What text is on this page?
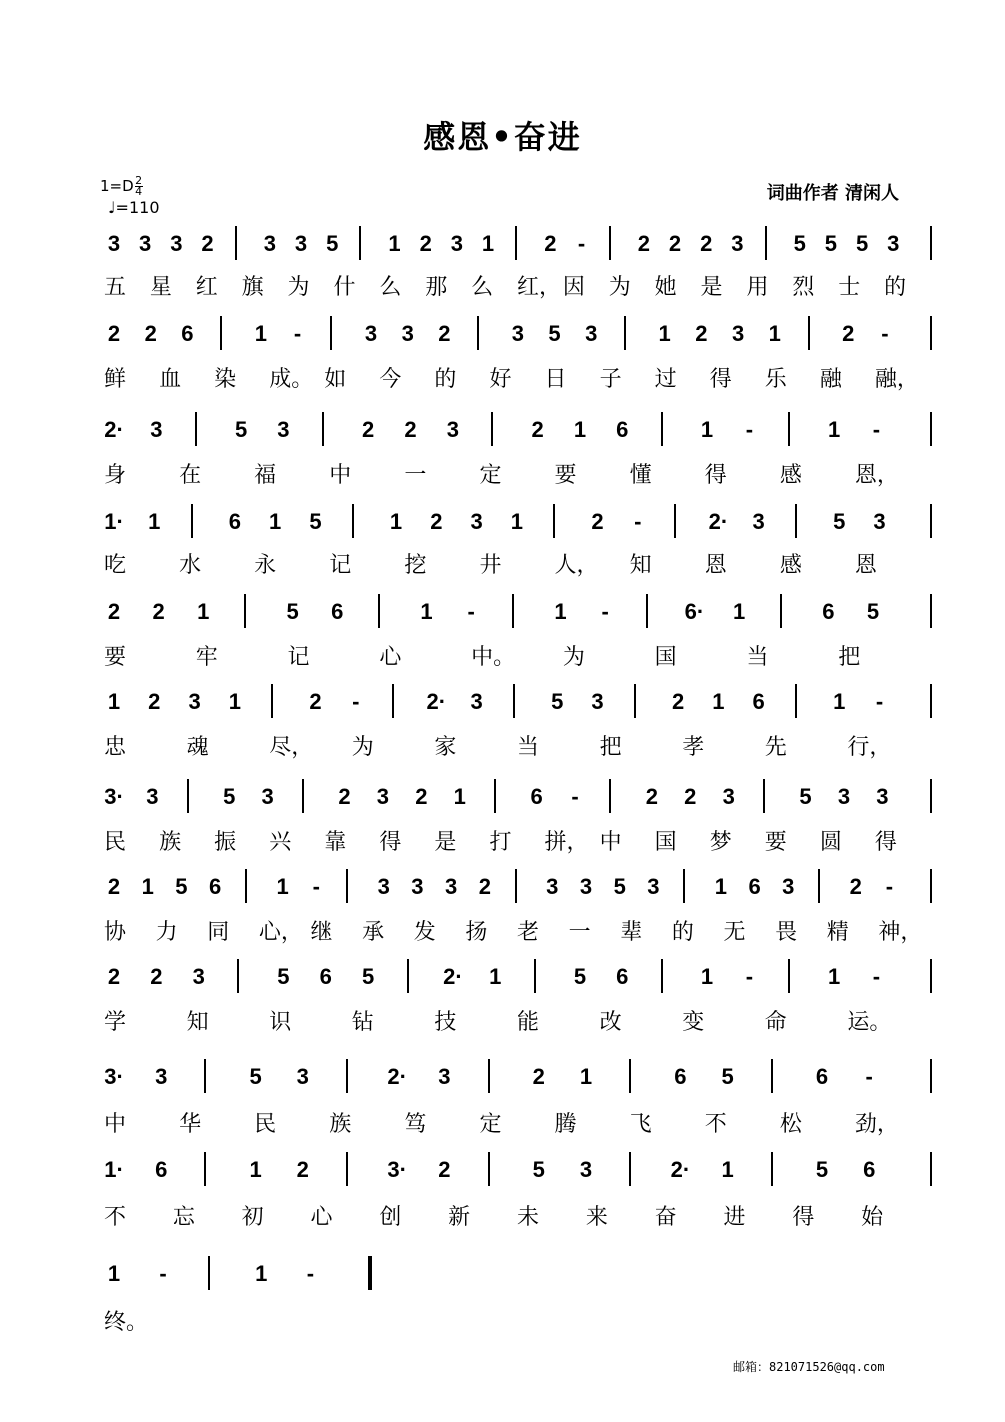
感恩•奋进
$1=D \frac{2}{4}$
♩=110
词曲作者 清闲人
3 3 3 2 3 3 5 1 2 3 1 2 - 2 2 2 3 5 5 5 3
五 星 红 旗 为 什 么 那 么 红， 因 为 她 是 用 烈 士 的
2 2 6	1 -	3 3 2	3 5 3	1 2 3 1	2 -
鲜 血 染 成。 如 今 的 好 日 子 过 得 乐 融 融，
2· 3	5 3	2 2 3	2 1 6	1 -	1 -
身 在 福 中 一 定 要 懂 得 感 恩，
1· 1	6 1 5	1 2 3 1	2 -	2· 3	5 3
吃 水 永 记 挖 井 人， 知 恩 感 恩
2 2 1	5 6	1 -	1 -	6· 1	6 5
要	牢	记	心	中。 为	国	当	把
1 2 3 1	2 -	2· 3	5 3	2 1 6	1 -
忠	魂	尽， 为	家	当	把	孝	先	行，
3· 3	5 3	2 3 2 1	6 -	2 2 3	5 3 3
民 族 振 兴 靠 得 是 打 拼， 中 国 梦 要 圆 得
2 1 5 6	1 -	3 3 3 2	3 3 5 3	1 6 3	2 -
协 力 同 心， 继 承 发 扬 老 一 辈 的 无 畏 精 神，
2 2 3	5 6 5	2· 1	5 6	1 -	1 -
学	知	识	钻	技	能	改	变	命	运。
3· 3	5 3	2· 3	2 1	6 5	6 -
中 华 民 族 笃 定 腾 飞 不 松 劲，
1· 6	1 2	3· 2	5 3	2· 1	5 6
不 忘 初 心 创 新 未 来 奋 进 得 始
1 -	1 -
终。
邮箱：821071526@qq.com
